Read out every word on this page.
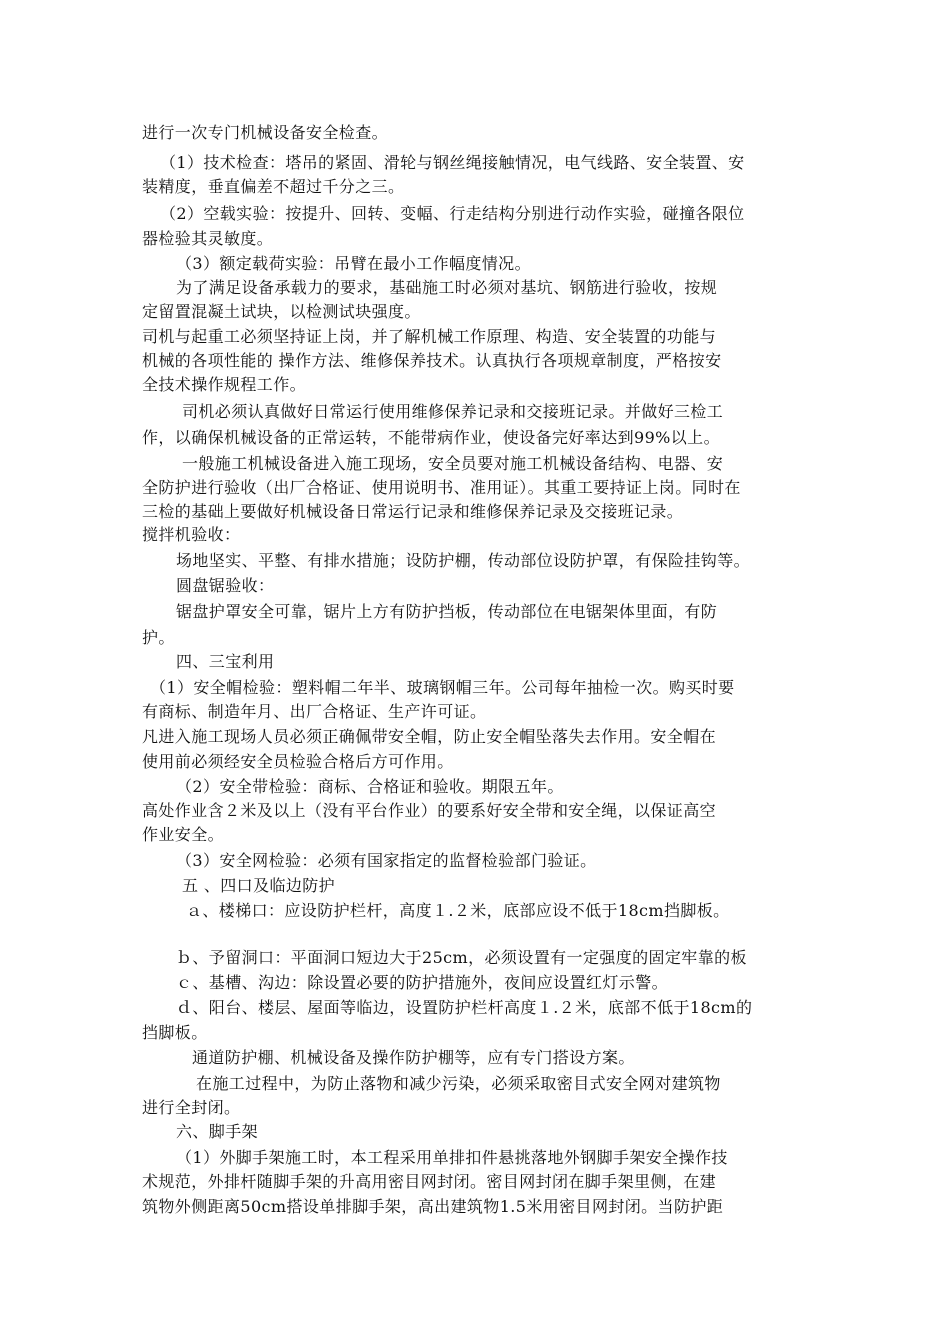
进行一次专门机械设备安全检查。
（1）技术检查：塔吊的紧固、滑轮与钢丝绳接触情况，电气线路、安全装置、安
装精度，垂直偏差不超过千分之三。
（2）空载实验：按提升、回转、变幅、行走结构分别进行动作实验，碰撞各限位
器检验其灵敏度。
（3）额定载荷实验：吊臂在最小工作幅度情况。
为了满足设备承载力的要求，基础施工时必须对基坑、钢筋进行验收，按规
定留置混凝土试块，以检测试块强度。
司机与起重工必须坚持证上岗，并了解机械工作原理、构造、安全装置的功能与
机械的各项性能的 操作方法、维修保养技术。认真执行各项规章制度，严格按安
全技术操作规程工作。
司机必须认真做好日常运行使用维修保养记录和交接班记录。并做好三检工
作，以确保机械设备的正常运转，不能带病作业，使设备完好率达到99%以上。
一般施工机械设备进入施工现场，安全员要对施工机械设备结构、电器、安
全防护进行验收（出厂合格证、使用说明书、准用证）。其重工要持证上岗。同时在
三检的基础上要做好机械设备日常运行记录和维修保养记录及交接班记录。
搅拌机验收：
场地坚实、平整、有排水措施；设防护棚，传动部位设防护罩，有保险挂钩等。
圆盘锯验收：
锯盘护罩安全可靠，锯片上方有防护挡板，传动部位在电锯架体里面，有防
护。
四、三宝利用
（1）安全帽检验：塑料帽二年半、玻璃钢帽三年。公司每年抽检一次。购买时要
有商标、制造年月、出厂合格证、生产许可证。
凡进入施工现场人员必须正确佩带安全帽，防止安全帽坠落失去作用。安全帽在
使用前必须经安全员检验合格后方可作用。
（2）安全带检验：商标、合格证和验收。期限五年。
高处作业含２米及以上（没有平台作业）的要系好安全带和安全绳，以保证高空
作业安全。
（3）安全网检验：必须有国家指定的监督检验部门验证。
五 、四口及临边防护
ａ、楼梯口：应设防护栏杆，高度１.２米，底部应设不低于18cm挡脚板。
ｂ、予留洞口：平面洞口短边大于25cm，必须设置有一定强度的固定牢靠的板
ｃ、基槽、沟边：除设置必要的防护措施外，夜间应设置红灯示警。
ｄ、阳台、楼层、屋面等临边，设置防护栏杆高度１.２米，底部不低于18cm的
挡脚板。
通道防护棚、机械设备及操作防护棚等，应有专门搭设方案。
在施工过程中，为防止落物和减少污染，必须采取密目式安全网对建筑物
进行全封闭。
六、脚手架
（1）外脚手架施工时，本工程采用单排扣件悬挑落地外钢脚手架安全操作技
术规范，外排杆随脚手架的升高用密目网封闭。密目网封闭在脚手架里侧，在建
筑物外侧距离50cm搭设单排脚手架，高出建筑物1.5米用密目网封闭。当防护距
